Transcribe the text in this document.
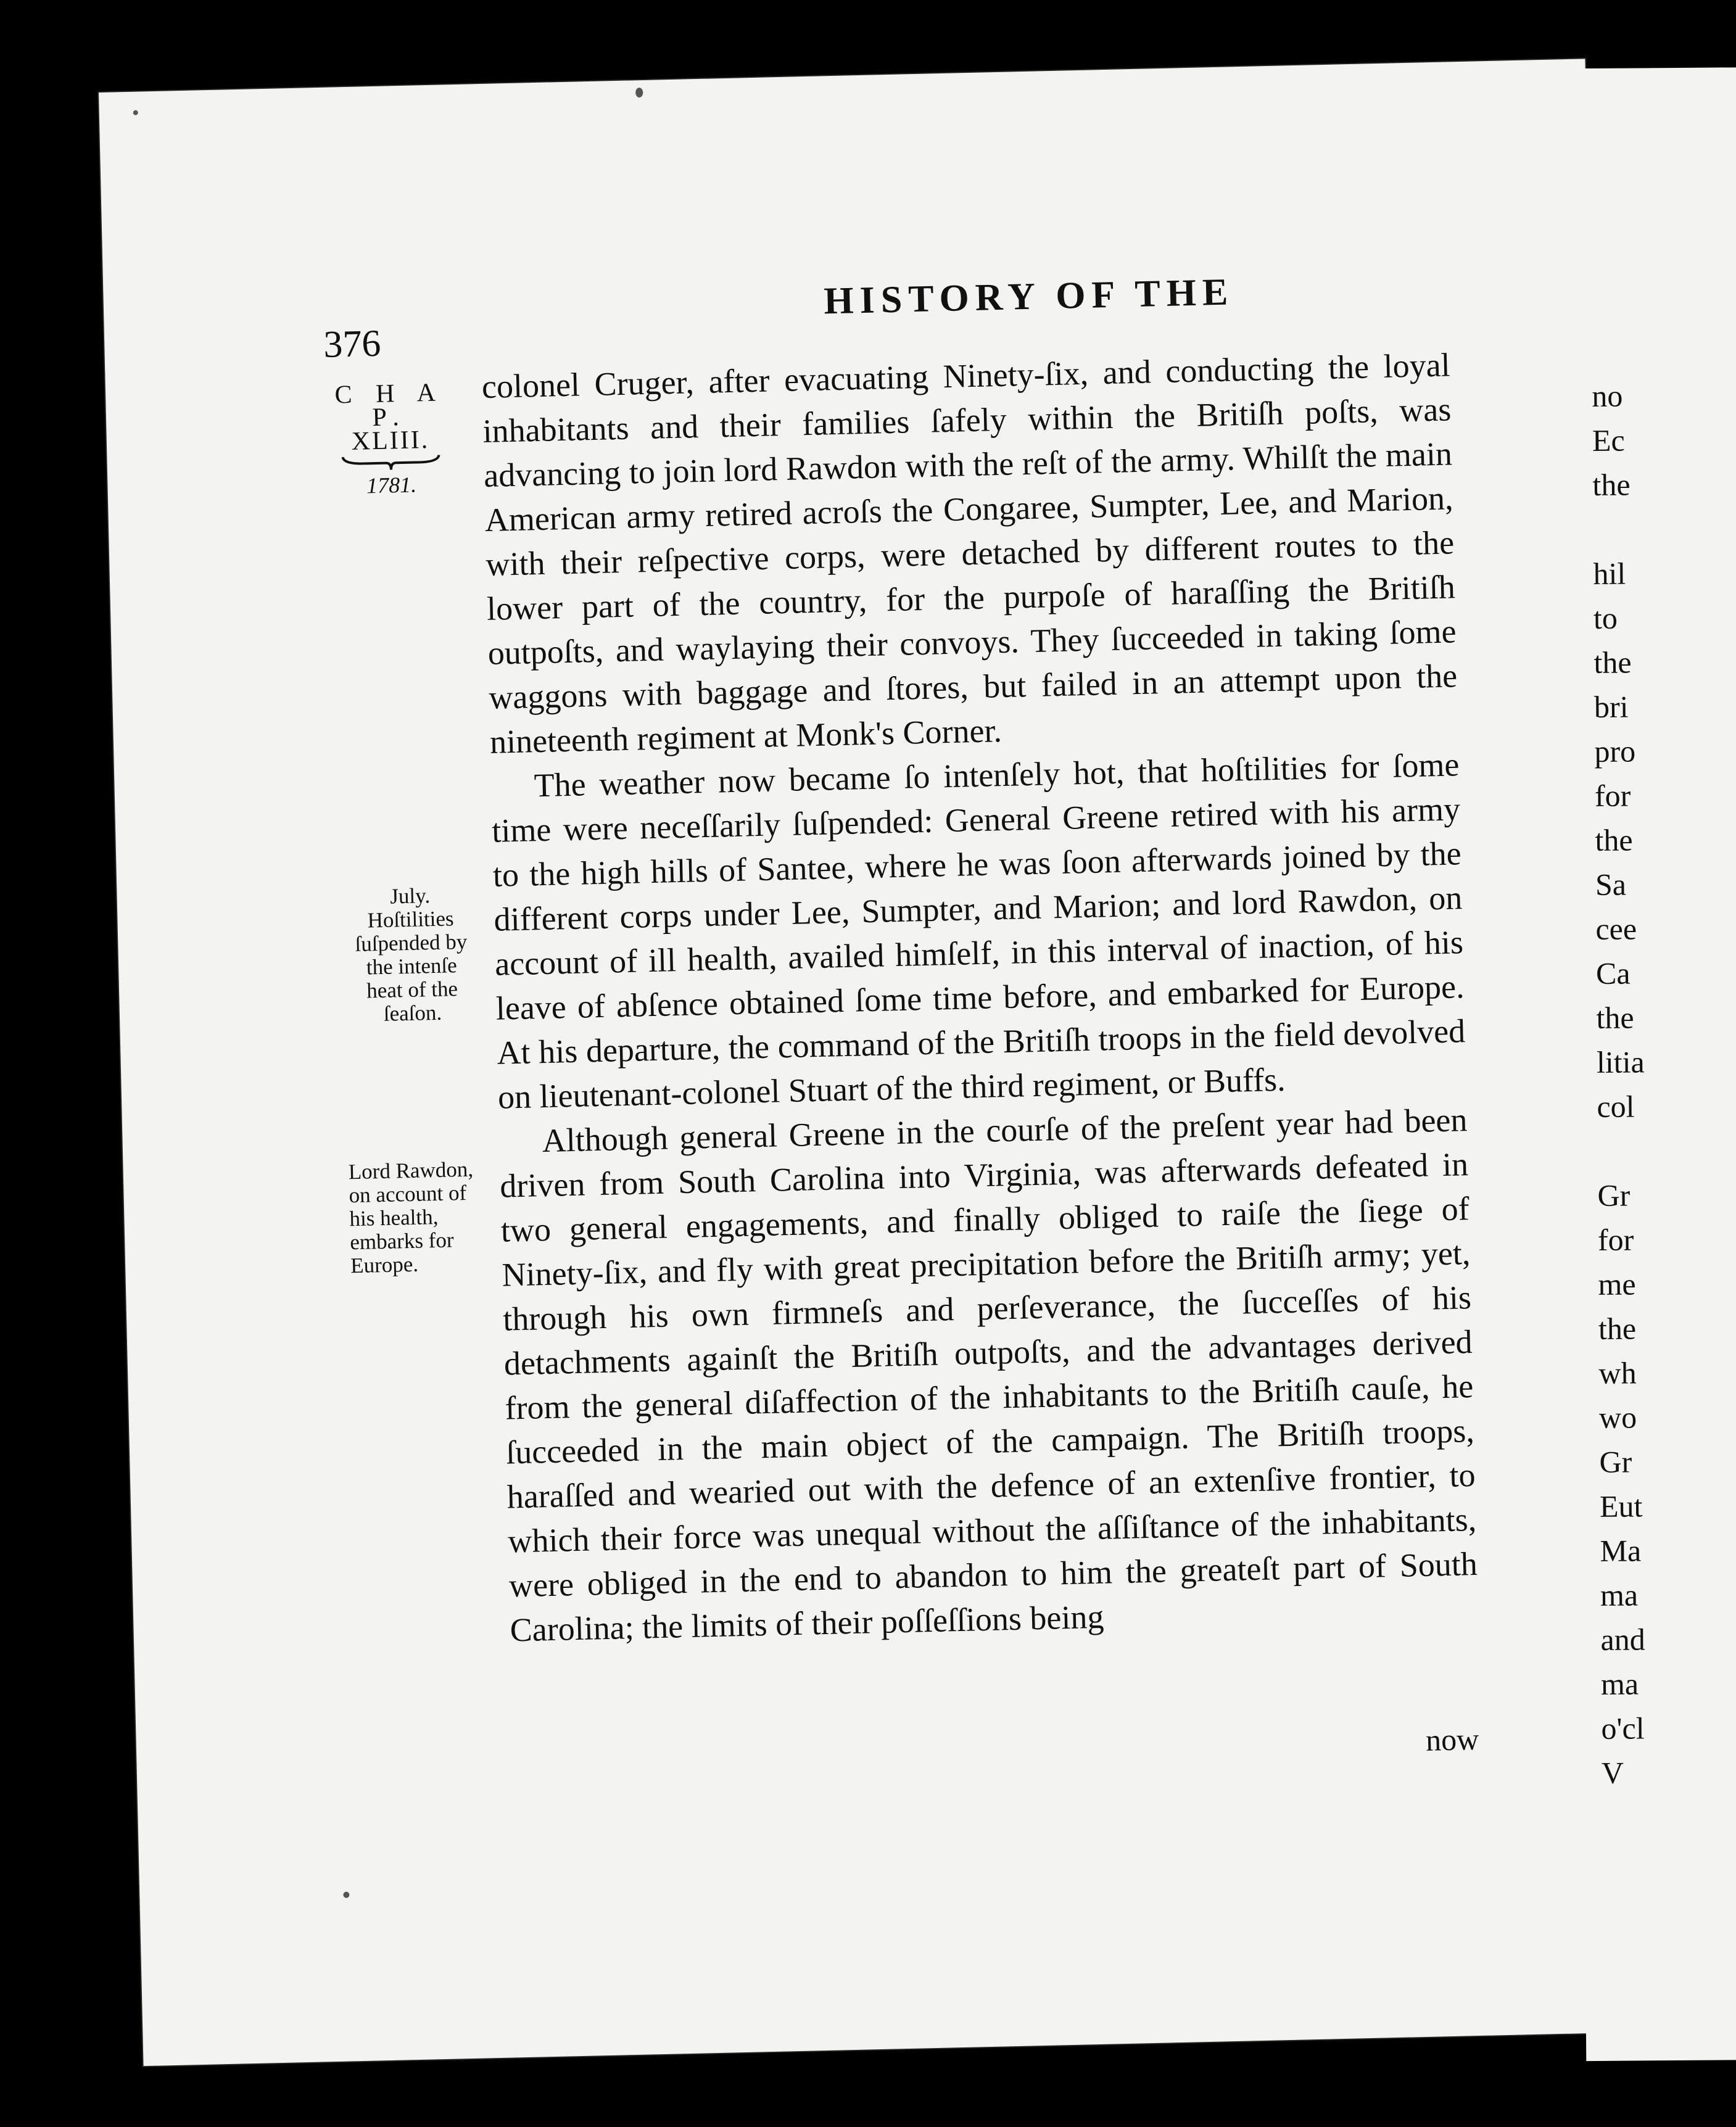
376
HISTORY OF THE
C H A P.
XLIII.
1781.
July. Hoſtilities ſuſpended by the intenſe heat of the ſeaſon.
Lord Rawdon, on account of his health, embarks for Europe.

colonel Cruger, after evacuating Ninety-ſix, and conducting the loyal inhabitants and their families ſafely within the Britiſh poſts, was advancing to join lord Rawdon with the reſt of the army. Whilſt the main American army retired acroſs the Congaree, Sumpter, Lee, and Marion, with their reſpective corps, were detached by different routes to the lower part of the country, for the purpoſe of haraſſing the Britiſh outpoſts, and waylaying their convoys. They ſucceeded in taking ſome waggons with baggage and ſtores, but failed in an attempt upon the nineteenth regiment at Monk's Corner.

The weather now became ſo intenſely hot, that hoſtilities for ſome time were neceſſarily ſuſpended: General Greene retired with his army to the high hills of Santee, where he was ſoon afterwards joined by the different corps under Lee, Sumpter, and Marion; and lord Rawdon, on account of ill health, availed himſelf, in this interval of inaction, of his leave of abſence obtained ſome time before, and embarked for Europe. At his departure, the command of the Britiſh troops in the field devolved on lieutenant-colonel Stuart of the third regiment, or Buffs.

Although general Greene in the courſe of the preſent year had been driven from South Carolina into Virginia, was afterwards defeated in two general engagements, and finally obliged to raiſe the ſiege of Ninety-ſix, and fly with great precipitation before the Britiſh army; yet, through his own firmneſs and perſeverance, the ſucceſſes of his detachments againſt the Britiſh outpoſts, and the advantages derived from the general diſaffection of the inhabitants to the Britiſh cauſe, he ſucceeded in the main object of the campaign. The Britiſh troops, haraſſed and wearied out with the defence of an extenſive frontier, to which their force was unequal without the aſſiſtance of the inhabitants, were obliged in the end to abandon to him the greateſt part of South Carolina; the limits of their poſſeſſions being

now
no
Ec
the

hil
to
the
bri
pro
for
the
Sa
cee
Ca
the
litia
col

Gr
for
me
the
wh
wo
Gr
Eut
Ma
ma
and
ma
o'cl
V
